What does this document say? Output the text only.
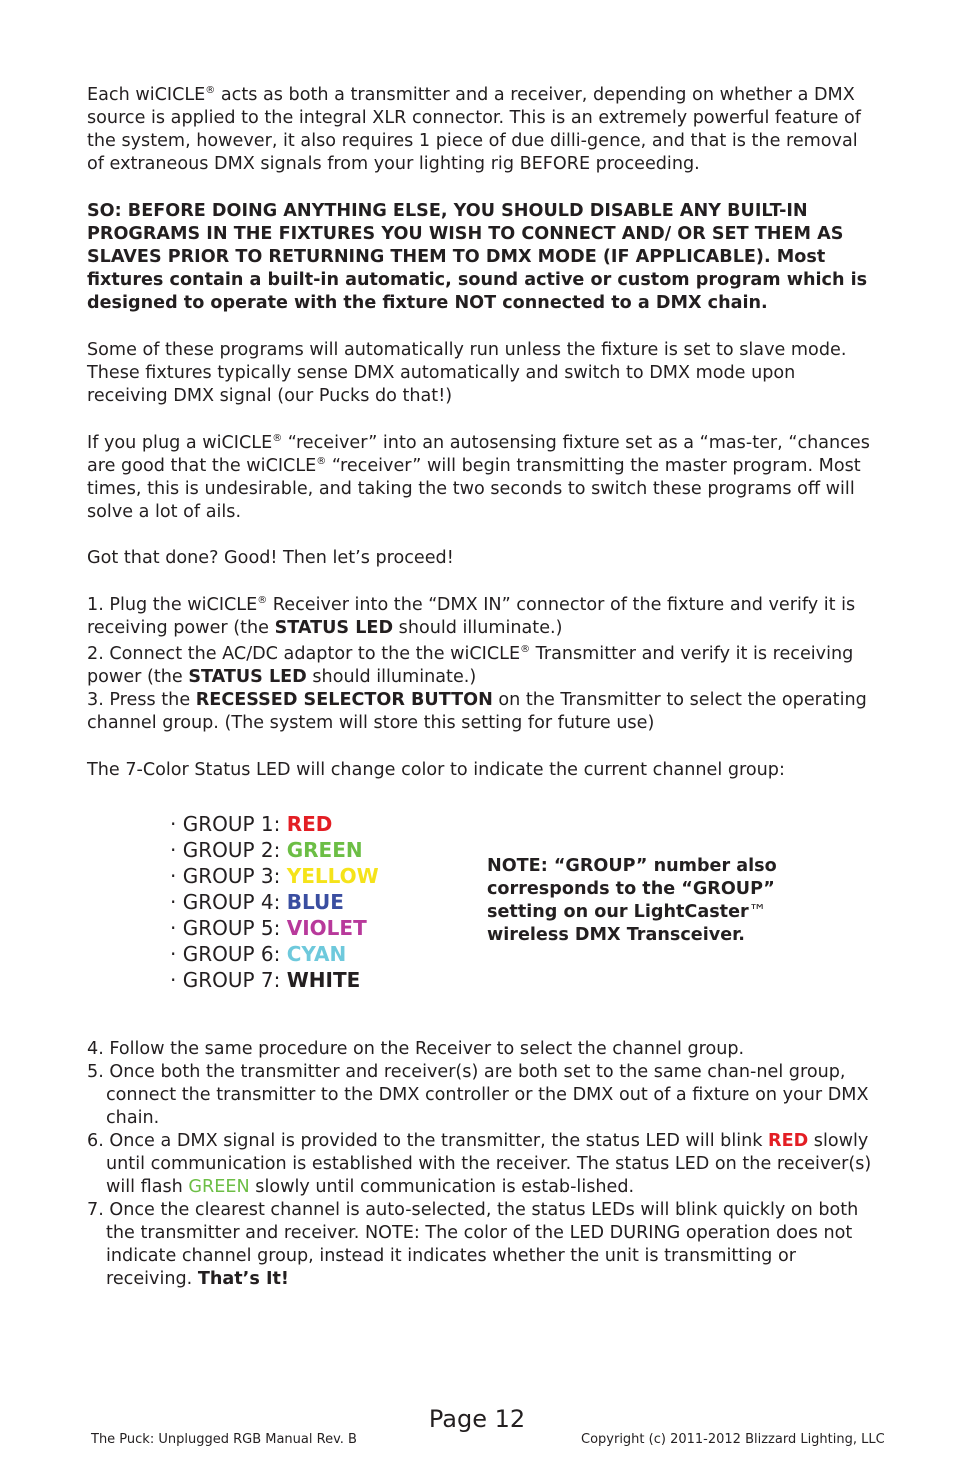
Each wiCICLE® acts as both a transmitter and a receiver, depending on whether a DMX source is applied to the integral XLR connector. This is an extremely powerful feature of the system, however, it also requires 1 piece of due dilli-gence, and that is the removal of extraneous DMX signals from your lighting rig BEFORE proceeding.

SO: BEFORE DOING ANYTHING ELSE, YOU SHOULD DISABLE ANY BUILT-IN PROGRAMS IN THE FIXTURES YOU WISH TO CONNECT AND/ OR SET THEM AS SLAVES PRIOR TO RETURNING THEM TO DMX MODE (IF APPLICABLE). Most fixtures contain a built-in automatic, sound active or custom program which is designed to operate with the fixture NOT connected to a DMX chain.

Some of these programs will automatically run unless the fixture is set to slave mode. These fixtures typically sense DMX automatically and switch to DMX mode upon receiving DMX signal (our Pucks do that!)

If you plug a wiCICLE® “receiver” into an autosensing fixture set as a “mas-ter, “chances are good that the wiCICLE® “receiver” will begin transmitting the master program. Most times, this is undesirable, and taking the two seconds to switch these programs off will solve a lot of ails.

Got that done? Good! Then let’s proceed!

1. Plug the wiCICLE® Receiver into the “DMX IN” connector of the fixture and verify it is receiving power (the STATUS LED should illuminate.)

2. Connect the AC/DC adaptor to the the wiCICLE® Transmitter and verify it is receiving power (the STATUS LED should illuminate.)

3. Press the RECESSED SELECTOR BUTTON on the Transmitter to select the operating channel group. (The system will store this setting for future use)

The 7-Color Status LED will change color to indicate the current channel group:

· GROUP 1: RED
· GROUP 2: GREEN
· GROUP 3: YELLOW
· GROUP 4: BLUE
· GROUP 5: VIOLET
· GROUP 6: CYAN
· GROUP 7: WHITE
NOTE: “GROUP” number also corresponds to the “GROUP” setting on our LightCaster™ wireless DMX Transceiver.
4. Follow the same procedure on the Receiver to select the channel group.
5. Once both the transmitter and receiver(s) are both set to the same chan-nel group, connect the transmitter to the DMX controller or the DMX out of a fixture on your DMX chain.
6. Once a DMX signal is provided to the transmitter, the status LED will blink RED slowly until communication is established with the receiver. The status LED on the receiver(s) will flash GREEN slowly until communication is estab-lished.
7. Once the clearest channel is auto-selected, the status LEDs will blink quickly on both the transmitter and receiver. NOTE: The color of the LED DURING operation does not indicate channel group, instead it indicates whether the unit is transmitting or receiving. That’s It!
Page 12
The Puck: Unplugged RGB Manual Rev. B	Copyright (c) 2011-2012 Blizzard Lighting, LLC
